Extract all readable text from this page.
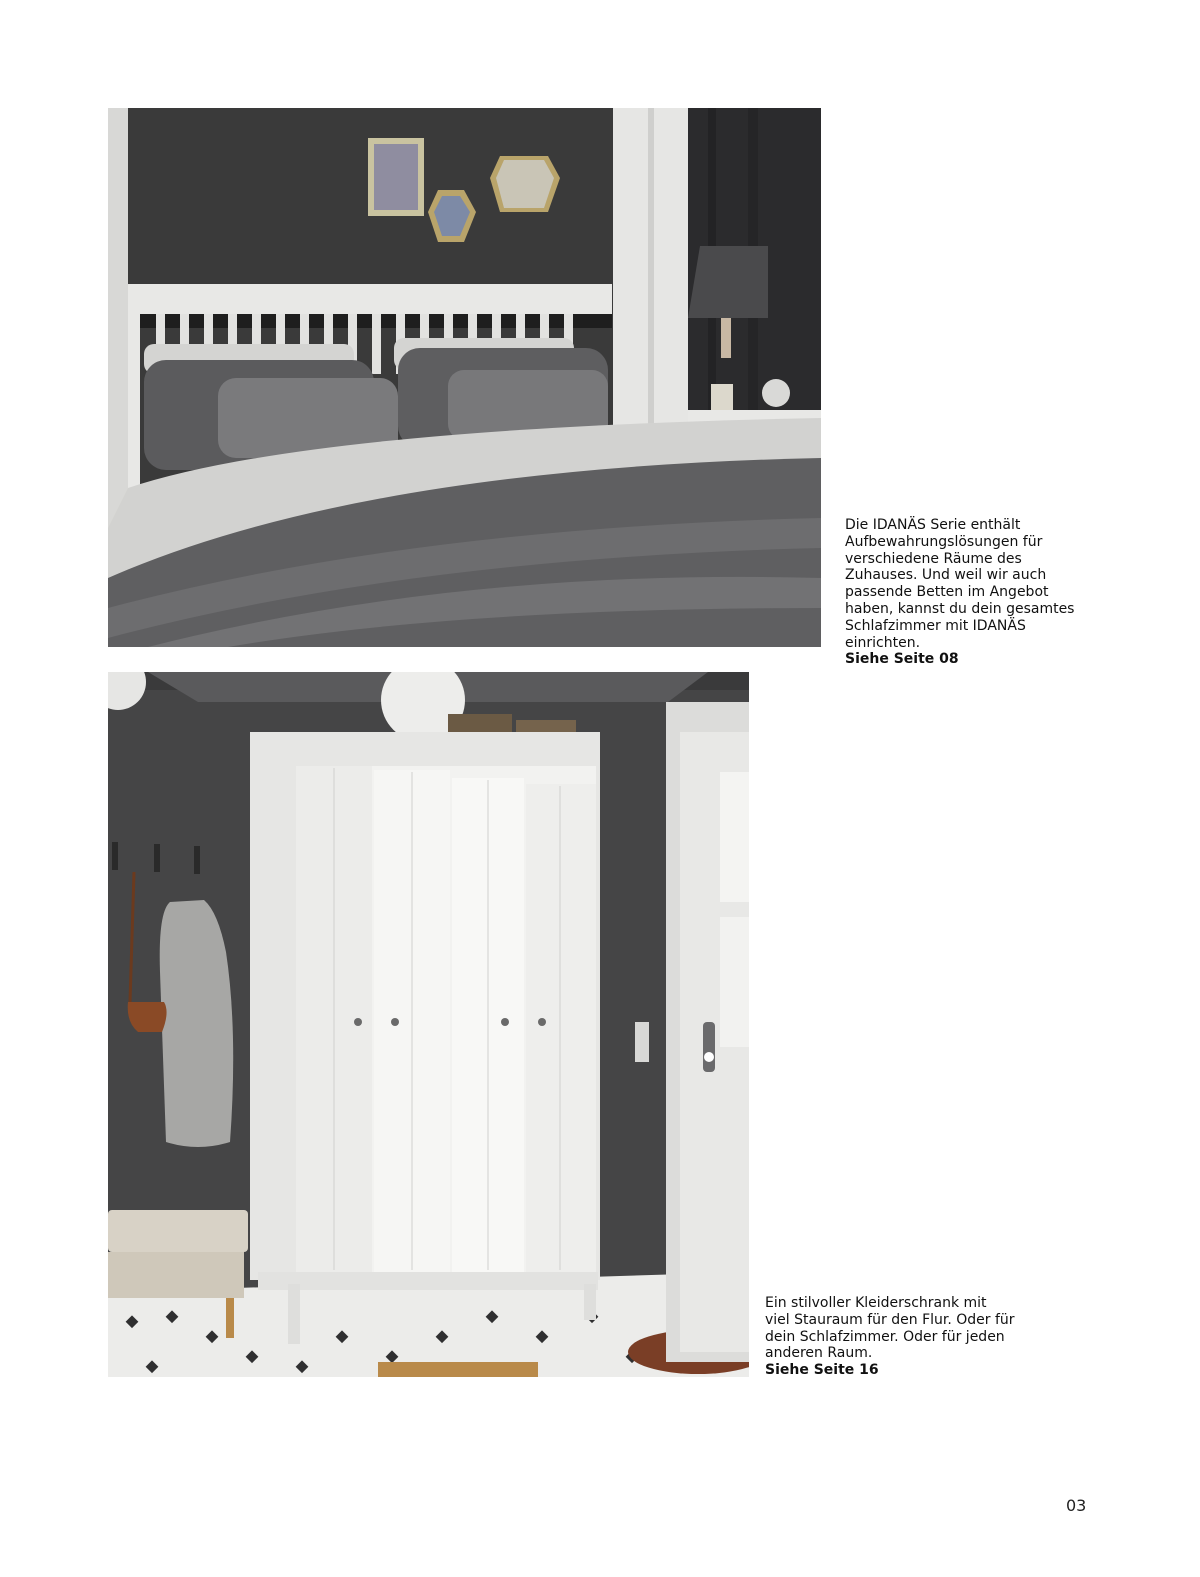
Die IDANÄS Serie enthält Aufbewahrungslösungen für verschiedene Räume des Zuhauses. Und weil wir auch passende Betten im Angebot haben, kannst du dein gesamtes Schlafzimmer mit IDANÄS einrichten.

Siehe Seite 08

Ein stilvoller Kleiderschrank mit viel Stauraum für den Flur. Oder für dein Schlafzimmer. Oder für jeden anderen Raum.

Siehe Seite 16

03
